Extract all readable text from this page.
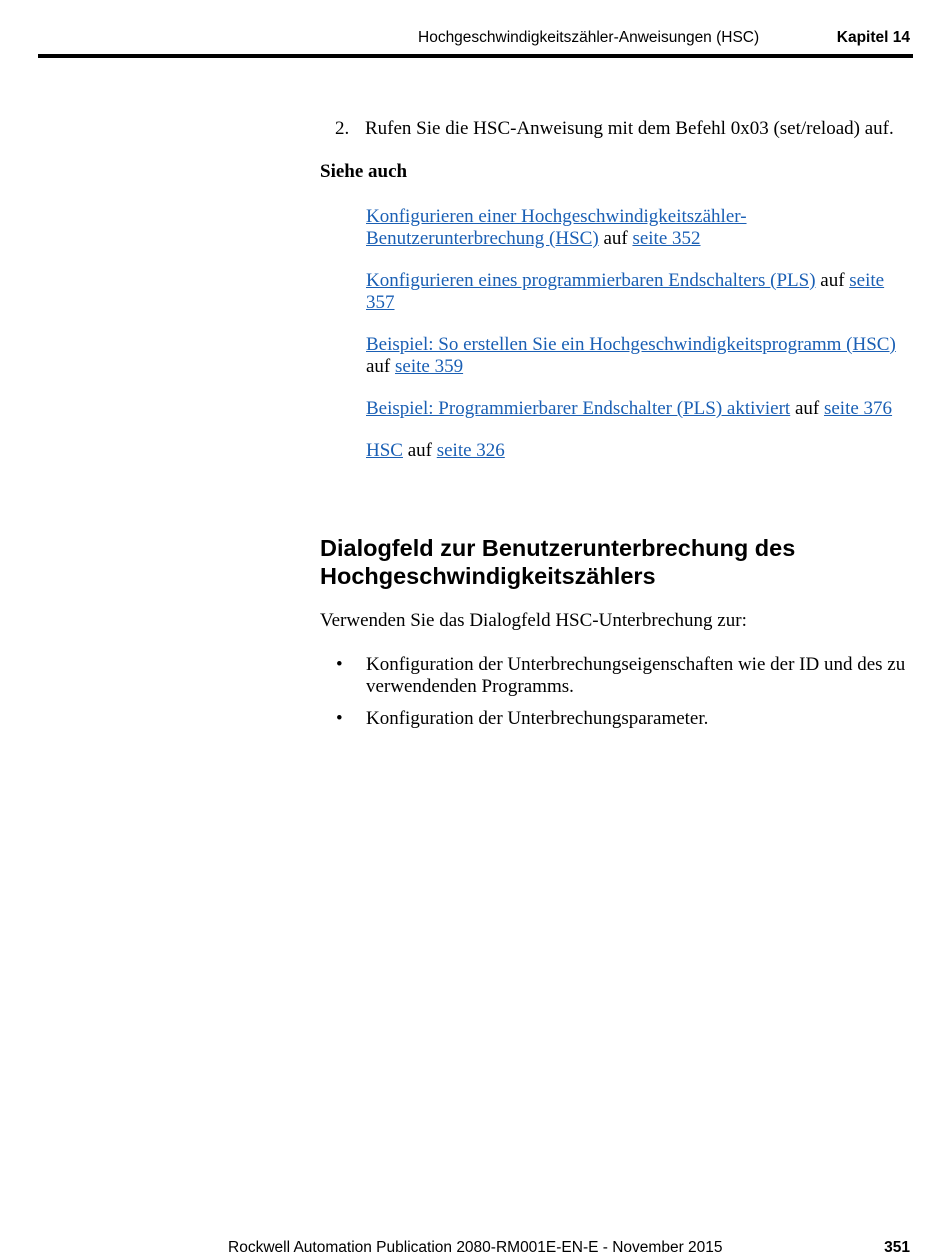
Hochgeschwindigkeitszähler-Anweisungen (HSC)	Kapitel 14
2. Rufen Sie die HSC-Anweisung mit dem Befehl 0x03 (set/reload) auf.
Siehe auch

Konfigurieren einer Hochgeschwindigkeitszähler-Benutzerunterbrechung (HSC) auf seite 352

Konfigurieren eines programmierbaren Endschalters (PLS) auf seite 357

Beispiel: So erstellen Sie ein Hochgeschwindigkeitsprogramm (HSC) auf seite 359

Beispiel: Programmierbarer Endschalter (PLS) aktiviert auf seite 376

HSC auf seite 326

Dialogfeld zur Benutzerunterbrechung des Hochgeschwindigkeitszählers
Verwenden Sie das Dialogfeld HSC-Unterbrechung zur:
• Konfiguration der Unterbrechungseigenschaften wie der ID und des zu verwendenden Programms.
• Konfiguration der Unterbrechungsparameter.
Rockwell Automation Publication 2080-RM001E-EN-E - November 2015	351
